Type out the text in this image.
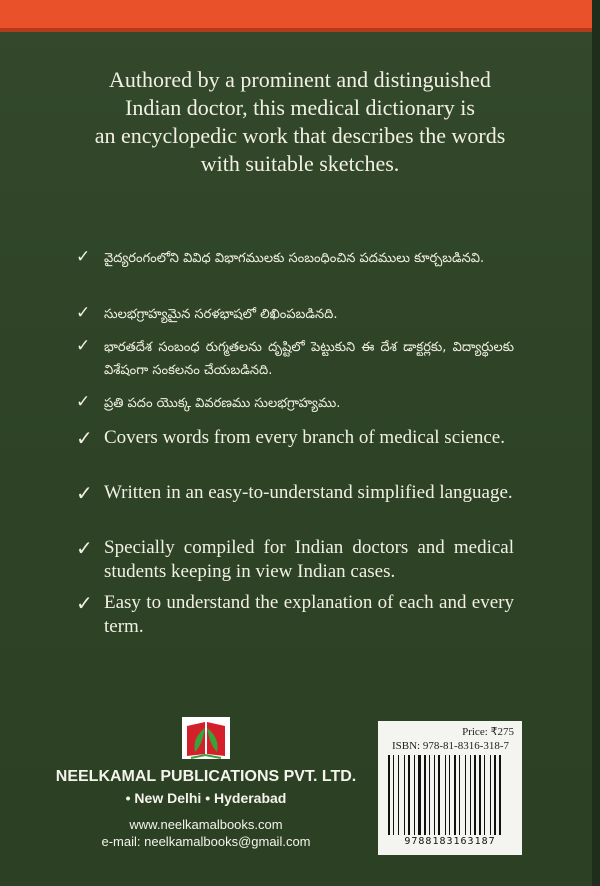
Authored by a prominent and distinguished
Indian doctor, this medical dictionary is
an encyclopedic work that describes the words
with suitable sketches.
✓	వైద్యరంగంలోని వివిధ విభాగములకు సంబంధించిన పదములు కూర్చబడినవి.
✓	సులభగ్రాహ్యమైన సరళభాషలో లిఖింపబడినది.
✓	భారతదేశ సంబంధ రుగ్మతలను దృష్టిలో పెట్టుకుని ఈ దేశ డాక్టర్లకు, విద్యార్థులకు విశేషంగా సంకలనం చేయబడినది.
✓	ప్రతి పదం యొక్క వివరణము సులభగ్రాహ్యము.
✓ Covers words from every branch of medical science.
✓ Written in an easy-to-understand simplified language.
✓ Specially compiled for Indian doctors and medical students keeping in view Indian cases.
✓ Easy to understand the explanation of each and every term.
NEELKAMAL PUBLICATIONS PVT. LTD.
• New Delhi • Hyderabad
www.neelkamalbooks.com
e-mail: neelkamalbooks@gmail.com
Price: ₹275
ISBN: 978-81-8316-318-7
9788183163187
